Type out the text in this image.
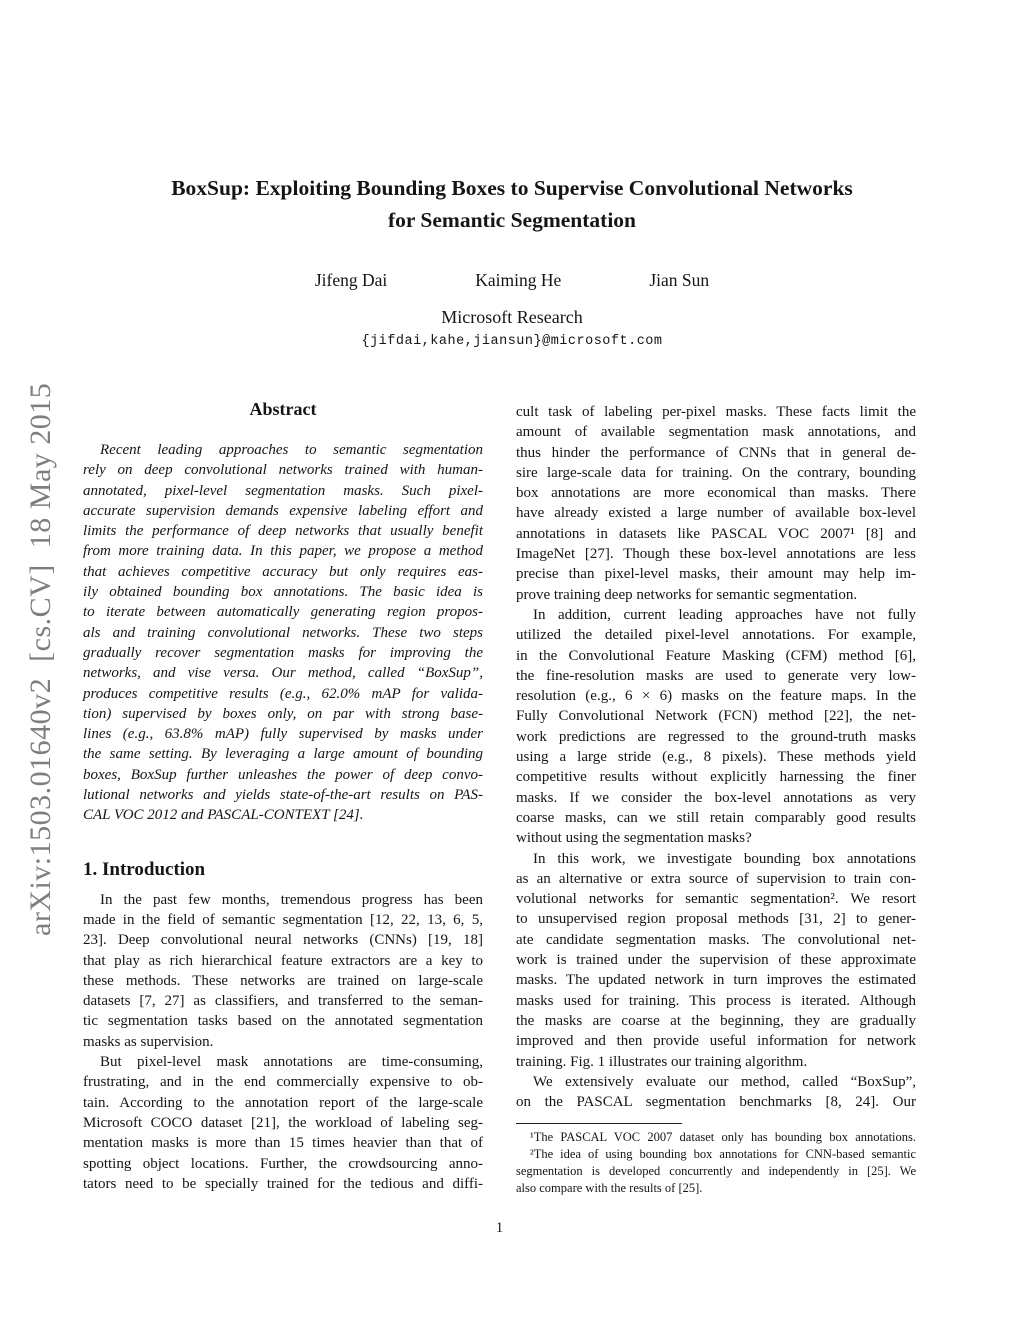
arXiv:1503.01640v2  [cs.CV]  18 May 2015
BoxSup: Exploiting Bounding Boxes to Supervise Convolutional Networks
for Semantic Segmentation
Jifeng Dai	Kaiming He	Jian Sun
Microsoft Research
{jifdai,kahe,jiansun}@microsoft.com
Abstract
Recent leading approaches to semantic segmentation
rely on deep convolutional networks trained with human-
annotated, pixel-level segmentation masks. Such pixel-
accurate supervision demands expensive labeling effort and
limits the performance of deep networks that usually benefit
from more training data. In this paper, we propose a method
that achieves competitive accuracy but only requires eas-
ily obtained bounding box annotations. The basic idea is
to iterate between automatically generating region propos-
als and training convolutional networks. These two steps
gradually recover segmentation masks for improving the
networks, and vise versa. Our method, called “BoxSup”,
produces competitive results (e.g., 62.0% mAP for valida-
tion) supervised by boxes only, on par with strong base-
lines (e.g., 63.8% mAP) fully supervised by masks under
the same setting. By leveraging a large amount of bounding
boxes, BoxSup further unleashes the power of deep convo-
lutional networks and yields state-of-the-art results on PAS-
CAL VOC 2012 and PASCAL-CONTEXT [24].
1. Introduction
In the past few months, tremendous progress has been
made in the field of semantic segmentation [12, 22, 13, 6, 5,
23]. Deep convolutional neural networks (CNNs) [19, 18]
that play as rich hierarchical feature extractors are a key to
these methods. These networks are trained on large-scale
datasets [7, 27] as classifiers, and transferred to the seman-
tic segmentation tasks based on the annotated segmentation
masks as supervision.
But pixel-level mask annotations are time-consuming,
frustrating, and in the end commercially expensive to ob-
tain. According to the annotation report of the large-scale
Microsoft COCO dataset [21], the workload of labeling seg-
mentation masks is more than 15 times heavier than that of
spotting object locations. Further, the crowdsourcing anno-
tators need to be specially trained for the tedious and diffi-
cult task of labeling per-pixel masks. These facts limit the
amount of available segmentation mask annotations, and
thus hinder the performance of CNNs that in general de-
sire large-scale data for training. On the contrary, bounding
box annotations are more economical than masks. There
have already existed a large number of available box-level
annotations in datasets like PASCAL VOC 2007¹ [8] and
ImageNet [27]. Though these box-level annotations are less
precise than pixel-level masks, their amount may help im-
prove training deep networks for semantic segmentation.
In addition, current leading approaches have not fully
utilized the detailed pixel-level annotations. For example,
in the Convolutional Feature Masking (CFM) method [6],
the fine-resolution masks are used to generate very low-
resolution (e.g., 6 × 6) masks on the feature maps. In the
Fully Convolutional Network (FCN) method [22], the net-
work predictions are regressed to the ground-truth masks
using a large stride (e.g., 8 pixels). These methods yield
competitive results without explicitly harnessing the finer
masks. If we consider the box-level annotations as very
coarse masks, can we still retain comparably good results
without using the segmentation masks?
In this work, we investigate bounding box annotations
as an alternative or extra source of supervision to train con-
volutional networks for semantic segmentation². We resort
to unsupervised region proposal methods [31, 2] to gener-
ate candidate segmentation masks. The convolutional net-
work is trained under the supervision of these approximate
masks. The updated network in turn improves the estimated
masks used for training. This process is iterated. Although
the masks are coarse at the beginning, they are gradually
improved and then provide useful information for network
training. Fig. 1 illustrates our training algorithm.
We extensively evaluate our method, called “BoxSup”,
on the PASCAL segmentation benchmarks [8, 24]. Our
¹The PASCAL VOC 2007 dataset only has bounding box annotations.
²The idea of using bounding box annotations for CNN-based semantic
segmentation is developed concurrently and independently in [25]. We
also compare with the results of [25].
1
